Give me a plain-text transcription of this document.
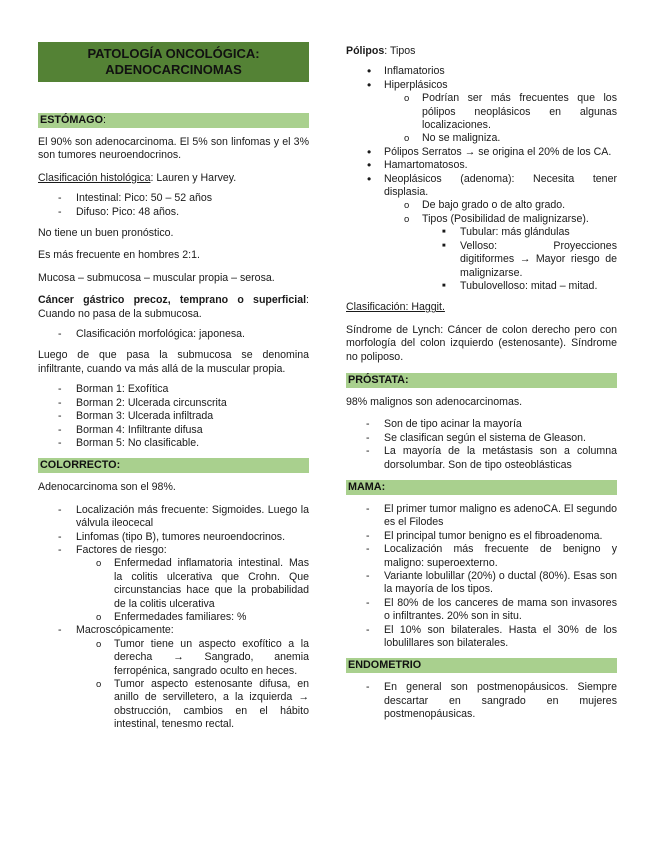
PATOLOGÍA ONCOLÓGICA:
ADENOCARCINOMAS
ESTÓMAGO:

El 90% son adenocarcinoma. El 5% son linfomas y el 3% son tumores neuroendocrinos.

Clasificación histológica: Lauren y Harvey.

- Intestinal: Pico: 50 – 52 años
- Difuso: Pico: 48 años.

No tiene un buen pronóstico.

Es más frecuente en hombres 2:1.

Mucosa – submucosa – muscular propia – serosa.

Cáncer gástrico precoz, temprano o superficial: Cuando no pasa de la submucosa.

- Clasificación morfológica: japonesa.

Luego de que pasa la submucosa se denomina infiltrante, cuando va más allá de la muscular propia.

- Borman 1: Exofítica
- Borman 2: Ulcerada circunscrita
- Borman 3: Ulcerada infiltrada
- Borman 4: Infiltrante difusa
- Borman 5: No clasificable.
COLORRECTO:

Adenocarcinoma son el 98%.

- Localización más frecuente: Sigmoides. Luego la válvula ileocecal
- Linfomas (tipo B), tumores neuroendocrinos.
- Factores de riesgo:
o Enfermedad inflamatoria intestinal. Mas la colitis ulcerativa que Crohn. Que circunstancias hace que la probabilidad de la colitis ulcerativa
o Enfermedades familiares: %
- Macroscópicamente:
o Tumor tiene un aspecto exofítico a la derecha → Sangrado, anemia ferropénica, sangrado oculto en heces.
o Tumor aspecto estenosante difusa, en anillo de servilletero, a la izquierda → obstrucción, cambios en el hábito intestinal, tenesmo rectal.

Pólipos: Tipos

• Inflamatorios
• Hiperplásicos
o Podrían ser más frecuentes que los pólipos neoplásicos en algunas localizaciones.
o No se maligniza.
• Pólipos Serratos → se origina el 20% de los CA.
• Hamartomatosos.
• Neoplásicos (adenoma): Necesita tener displasia.
o De bajo grado o de alto grado.
o Tipos (Posibilidad de malignizarse).
■ Tubular: más glándulas
■ Velloso: Proyecciones digitiformes → Mayor riesgo de malignizarse.
■ Tubulovelloso: mitad – mitad.

Clasificación: Haggit.

Síndrome de Lynch: Cáncer de colon derecho pero con morfología del colon izquierdo (estenosante). Síndrome no poliposo.

PRÓSTATA:

98% malignos son adenocarcinomas.

- Son de tipo acinar la mayoría
- Se clasifican según el sistema de Gleason.
- La mayoría de la metástasis son a columna dorsolumbar. Son de tipo osteoblásticas
MAMA:
- El primer tumor maligno es adenoCA. El segundo es el Filodes
- El principal tumor benigno es el fibroadenoma.
- Localización más frecuente de benigno y maligno: superoexterno.
- Variante lobulillar (20%) o ductal (80%). Esas son la mayoría de los tipos.
- El 80% de los canceres de mama son invasores o infiltrantes. 20% son in situ.
- El 10% son bilaterales. Hasta el 30% de los lobulillares son bilaterales.
ENDOMETRIO
- En general son postmenopáusicos. Siempre descartar en sangrado en mujeres postmenopáusicas.
